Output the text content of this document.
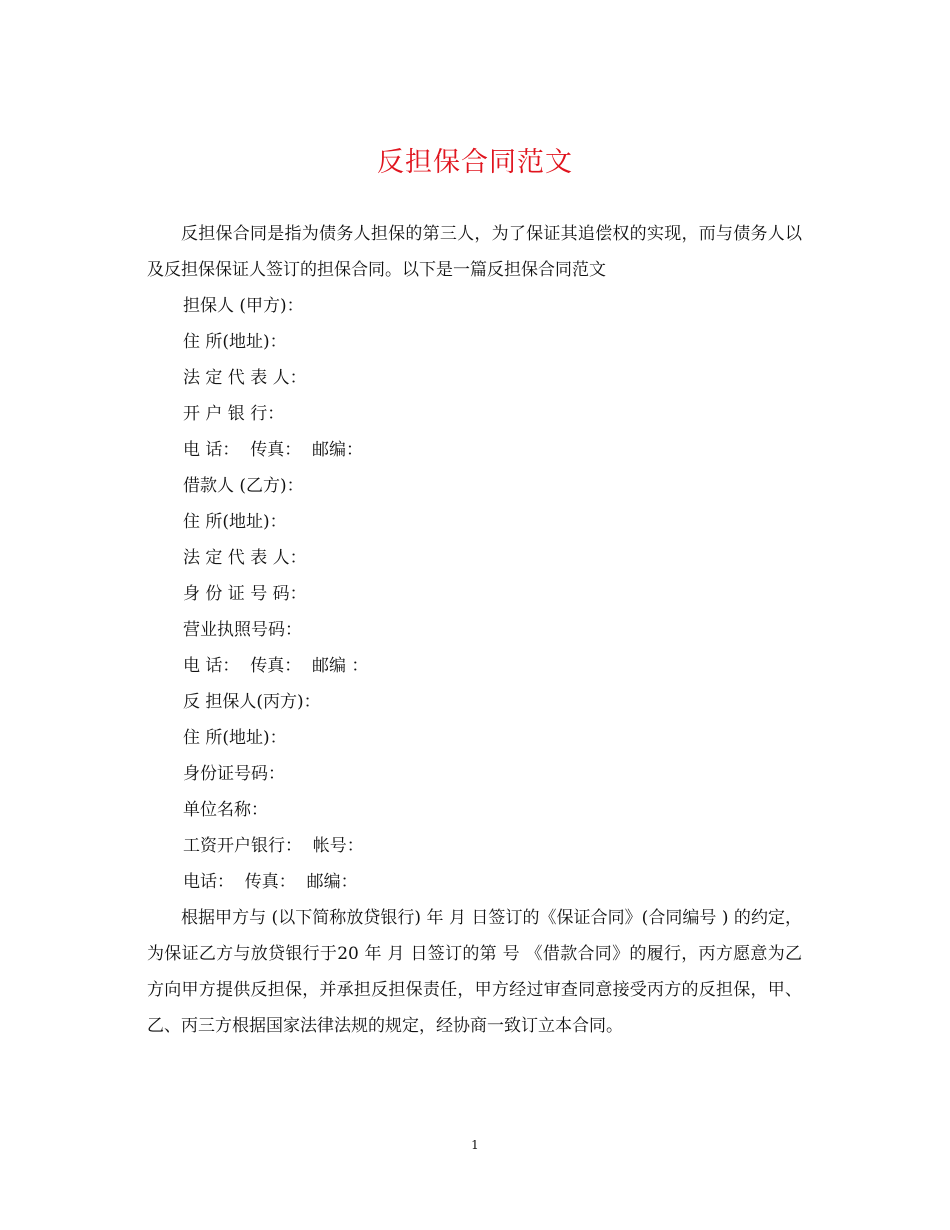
反担保合同范文

反担保合同是指为债务人担保的第三人，为了保证其追偿权的实现，而与债务人以及反担保保证人签订的担保合同。以下是一篇反担保合同范文

担保人 (甲方)：

住 所(地址)：

法 定 代 表 人：

开 户 银 行：

电 话：  传真：  邮编：

借款人 (乙方)：

住 所(地址)：

法 定 代 表 人：

身 份 证 号 码：

营业执照号码：

电 话：  传真：  邮编 ：

反 担保人(丙方)：

住 所(地址)：

身份证号码：

单位名称：

工资开户银行：  帐号：

电话：  传真：  邮编：

根据甲方与 (以下简称放贷银行) 年 月 日签订的《保证合同》(合同编号 ) 的约定，为保证乙方与放贷银行于20 年 月 日签订的第 号 《借款合同》的履行，丙方愿意为乙方向甲方提供反担保，并承担反担保责任，甲方经过审查同意接受丙方的反担保，甲、乙、丙三方根据国家法律法规的规定，经协商一致订立本合同。

1
